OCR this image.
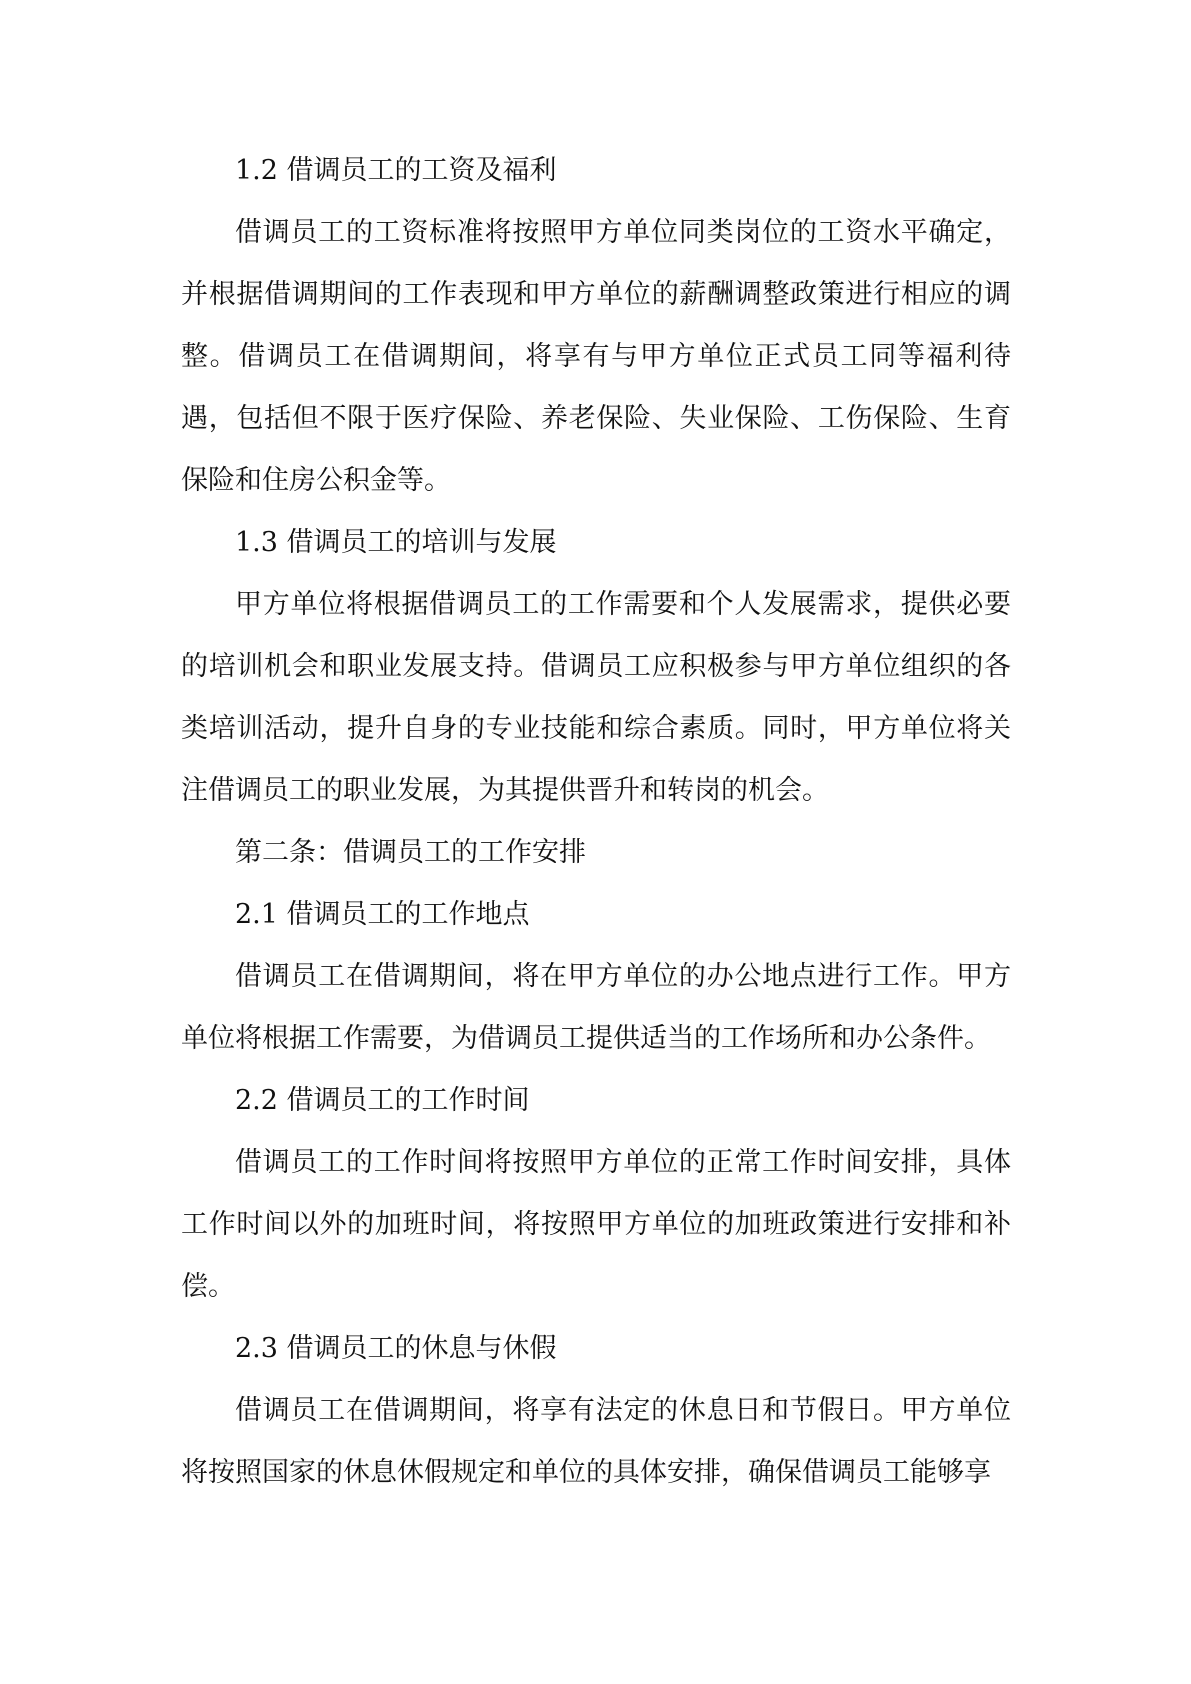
1.2 借调员工的工资及福利

借调员工的工资标准将按照甲方单位同类岗位的工资水平确定，并根据借调期间的工作表现和甲方单位的薪酬调整政策进行相应的调整。借调员工在借调期间，将享有与甲方单位正式员工同等福利待遇，包括但不限于医疗保险、养老保险、失业保险、工伤保险、生育保险和住房公积金等。

1.3 借调员工的培训与发展

甲方单位将根据借调员工的工作需要和个人发展需求，提供必要的培训机会和职业发展支持。借调员工应积极参与甲方单位组织的各类培训活动，提升自身的专业技能和综合素质。同时，甲方单位将关注借调员工的职业发展，为其提供晋升和转岗的机会。

第二条：借调员工的工作安排

2.1 借调员工的工作地点

借调员工在借调期间，将在甲方单位的办公地点进行工作。甲方单位将根据工作需要，为借调员工提供适当的工作场所和办公条件。

2.2 借调员工的工作时间

借调员工的工作时间将按照甲方单位的正常工作时间安排，具体工作时间以外的加班时间，将按照甲方单位的加班政策进行安排和补偿。

2.3 借调员工的休息与休假

借调员工在借调期间，将享有法定的休息日和节假日。甲方单位将按照国家的休息休假规定和单位的具体安排，确保借调员工能够享
